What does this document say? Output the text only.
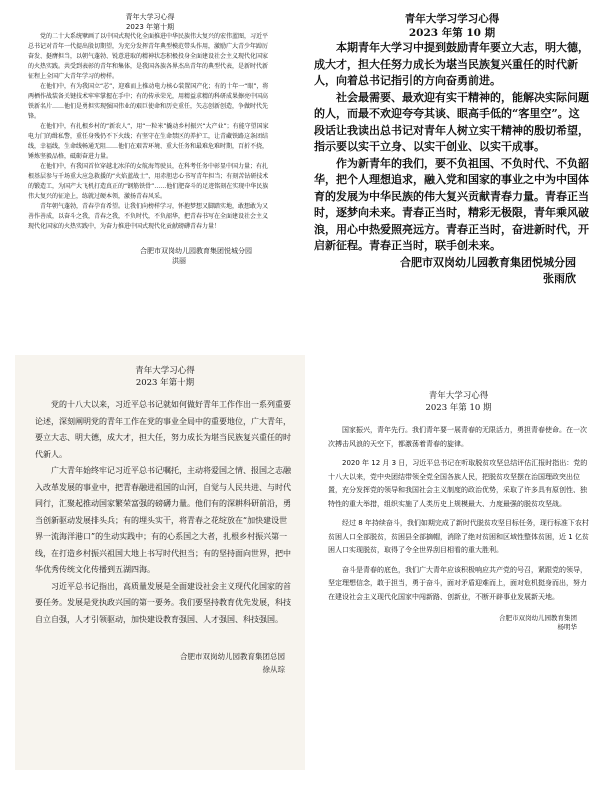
青年大学习心得

2023 年第十期

党的二十大系统擘画了以中国式现代化全面推进中华民族伟大复兴的宏伟蓝图，习近平总书记对青年一代提出殷切期望，为充分发挥青年典型模范带头作用，激励广大青少年踔厉奋发、挺膺担当，以朝气蓬勃、锐意进取的精神状态积极投身全面建设社会主义现代化国家的火热实践。共受到表彰的青年和集体，是我国各族各界杰出青年的典型代表，是新时代新征程上全国广大青年学习的榜样。

在他们中，有为我国立“芯”，迎难而上推动电力核心装置国产化；有的十年一“眼”，将两栖作战装备关键技术牢牢掌握在手中；有的传承荣光，用精益求精的科研成果擦亮中国高铁新名片……他们是勇担实现强国伟业的艰巨使命和历史重任，矢志创新创造，争做时代先锋。

在他们中，有扎根乡村的“新农人”，用“一粒米”撬动乡村振兴“大产业”；有能守望国家电力门的缉私警，重任身残仍不下火线；有坚守在生命禁区的养护工，让青藏铁路这条团结线，幸福线，生命线畅通无阻……他们在艰苦环境、重大任务和最难危难时期，百折不挠，锤炼坚毅品格，砥砺奋进力量。

在他们中，有我国首位穿越北冰洋的女航海驾驶员，在科考任务中彰显中国力量；有扎根基层参与千场重大应急救援的“火焰蓝战士”，用赤胆忠心书写青年担当；有刻苦钻研技术的锻造工，为国产大飞机打造真正的“钢筋铁骨”……他们肥奋斗的足迹铭刻在实现中华民族伟大复兴的征途上，练就过硬本领，激扬青春风采。

青年朝气蓬勃，青春孕育希望。让我们向榜样学习，怀抱梦想又脚踏实地，敢想敢为又善作善成，以奋斗之我，青春之我，不负时代，不负韶华，把青春书写在全面建设社会主义现代化国家的火热实践中，为奋力推进中国式现代化贡献磅礴青春力量！

合肥市双岗幼儿园教育集团悦城分园

洪丽

青年大学习学习心得

2023 年第 10 期

本期青年大学习中提到鼓励青年要立大志，明大德，成大才，担大任努力成长为堪当民族复兴重任的时代新人，向着总书记指引的方向奋勇前进。

社会最需要、最欢迎有实干精神的，能解决实际问题的人，而最不欢迎夸夸其谈、眼高手低的“客里空”。这段话让我读出总书记对青年人树立实干精神的殷切希望，指示要以实干立身、以实干创业、以实干成事。

作为新青年的我们，要不负祖国、不负时代、不负韶华，把个人理想追求，融入党和国家的事业之中为中国体育的发展为中华民族的伟大复兴贡献青春力量。青春正当时，逐梦向未来。青春正当时，精彩无极限，青年乘风破浪，用心中热爱照亮远方。青春正当时，奋进新时代，开启新征程。青春正当时，联手创未来。

合肥市双岗幼儿园教育集团悦城分园

张雨欣

青年大学习心得

2023 年第十期

党的十八大以来，习近平总书记就如何做好青年工作作出一系列重要论述，深刻阐明党的青年工作在党的事业全局中的重要地位，广大青年，要立大志、明大德，成大才，担大任，努力成长为堪当民族复兴重任的时代新人。

广大青年始终牢记习近平总书记嘱托，主动将爱国之情、报国之志融入改革发展的事业中，把青春融进祖国的山河，自觉与人民共进、与时代同行，汇聚起推动国家繁荣富强的磅礴力量。他们有的深耕科研前沿，勇当创新驱动发展排头兵；有的埋头实干，将青春之花绽放在“加快建设世界一流海洋港口”的生动实践中；有的心系国之大者，扎根乡村振兴第一线，在打造乡村振兴祖国大地上书写时代担当；有的坚持面向世界，把中华优秀传统文化传播到五湖四海。

习近平总书记指出，高质量发展是全面建设社会主义现代化国家的首要任务。发展是党执政兴国的第一要务。我们要坚持教育优先发展，科技自立自强，人才引领驱动，加快建设教育强国、人才强国、科技强国。

合肥市双岗幼儿园教育集团总园

徐从琮

青年大学习心得

2023 年第 10 期

国家振兴，青年先行。我们青年要一展青春的无限活力，勇担青春使命。在一次次搏击风浪的天空下，都激荡着青春的旋律。

2020 年 12 月 3 日，习近平总书记在听取脱贫攻坚总结评估汇报时指出：党的十八大以来，党中央团结带领全党全国各族人民，把脱贫攻坚摆在治国理政突出位置，充分发挥党的领导和我国社会主义制度的政治优势，采取了许多具有原创性、独特性的重大举措，组织实施了人类历史上规模最大、力度最强的脱贫攻坚战。

经过 8 年持续奋斗，我们如期完成了新时代脱贫攻坚目标任务，现行标准下农村贫困人口全部脱贫，贫困县全部摘帽，消除了绝对贫困和区域性整体贫困，近 1 亿贫困人口实现脱贫，取得了令全世界刮目相看的重大胜利。

奋斗是青春的底色，我们广大青年应该积极响应共产党的号召，紧跟党的领导，坚定理想信念，敢于担当，勇于奋斗，面对矛盾迎难而上，面对危机挺身而出，努力在建设社会主义现代化国家中闯新路、创新业，不断开辟事业发展新天地。

合肥市双岗幼儿园教育集团

杨明华
